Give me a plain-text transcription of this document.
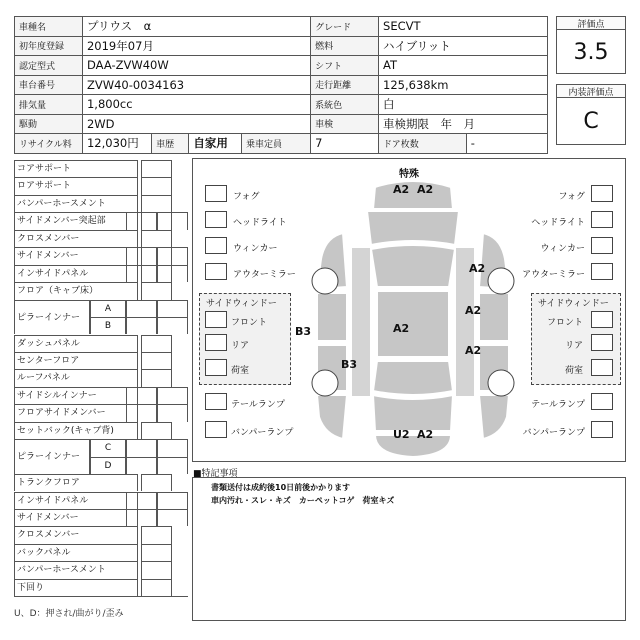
車種名	プリウス　α				グレード	SECVT	
初年度登録	2019年07月				燃料	ハイブリット	
認定型式	DAA-ZVW40W				シフト	AT	
車台番号	ZVW40-0034163				走行距離	125,638km	
排気量	1,800cc				系統色	白	
駆動	2WD				車検	車検期限　年　月	
リサイクル料	12,030円	車歴	自家用	乗車定員	7	ドア枚数	-
評価点
3.5
内装評価点
C
コアサポート
ロアサポート
バンパーホースメント
サイドメンバー突起部
クロスメンバー
サイドメンバー
インサイドパネル
フロア（キャブ床）
ピラーインナー
A
B
ダッシュパネル
センターフロア
ルーフパネル
サイドシルインナー
フロアサイドメンバー
セットバック(キャブ背)
ピラーインナー
C
D
トランクフロア
インサイドパネル
サイドメンバー
クロスメンバー
バックパネル
バンパーホースメント
下回り
U、D：押され/曲がり/歪み
特殊
A2 A2
B3
B3
A2
A2
A2
A2
U2 A2
サイドウィンドー	サイドウィンドー
フォグ
ヘッドライト
ウィンカー
アウターミラー
フォグ
ヘッドライト
ウィンカー
アウターミラー
フロント	フロント
リア	リア
荷室	荷室
テールランプ	テールランプ
バンパーランプ	バンパーランプ
■特記事項
書類送付は成約後10日前後かかります
車内汚れ・スレ・キズ　カーペットコゲ　荷室キズ
